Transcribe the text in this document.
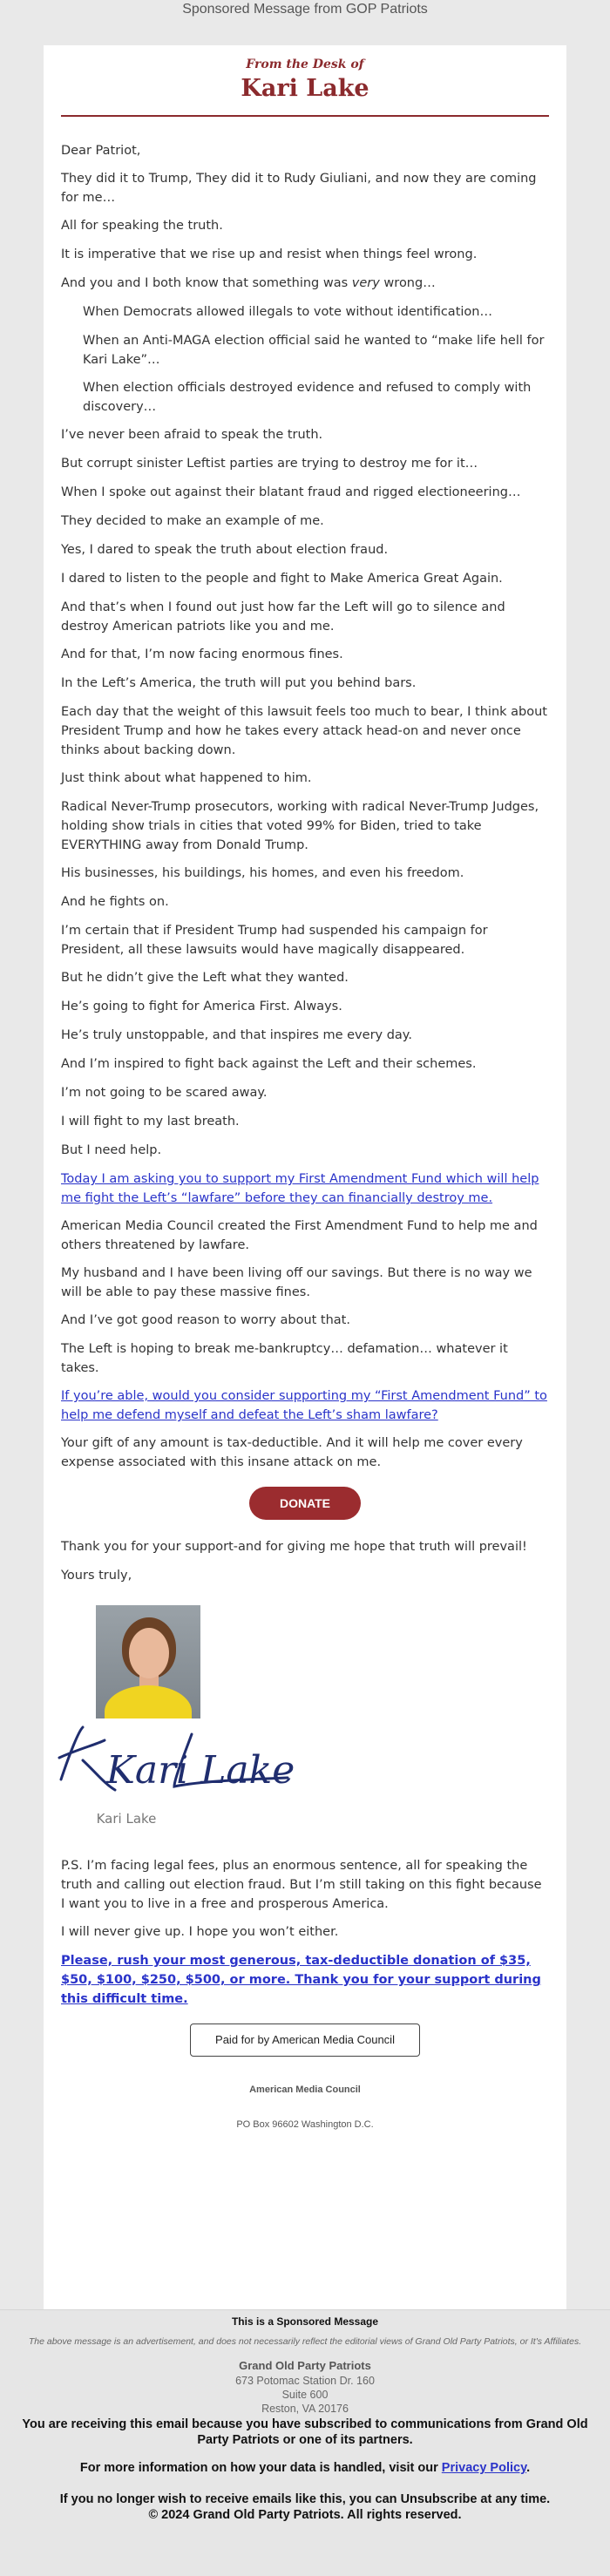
Sponsored Message from GOP Patriots
From the Desk of
Kari Lake
Dear Patriot,
They did it to Trump, They did it to Rudy Giuliani, and now they are coming for me…
All for speaking the truth.
It is imperative that we rise up and resist when things feel wrong.
And you and I both know that something was very wrong…
When Democrats allowed illegals to vote without identification…
When an Anti-MAGA election official said he wanted to “make life hell for Kari Lake”…
When election officials destroyed evidence and refused to comply with discovery…
I’ve never been afraid to speak the truth.
But corrupt sinister Leftist parties are trying to destroy me for it…
When I spoke out against their blatant fraud and rigged electioneering…
They decided to make an example of me.
Yes, I dared to speak the truth about election fraud.
I dared to listen to the people and fight to Make America Great Again.
And that’s when I found out just how far the Left will go to silence and destroy American patriots like you and me.
And for that, I’m now facing enormous fines.
In the Left’s America, the truth will put you behind bars.
Each day that the weight of this lawsuit feels too much to bear, I think about President Trump and how he takes every attack head-on and never once thinks about backing down.
Just think about what happened to him.
Radical Never-Trump prosecutors, working with radical Never-Trump Judges, holding show trials in cities that voted 99% for Biden, tried to take EVERYTHING away from Donald Trump.
His businesses, his buildings, his homes, and even his freedom.
And he fights on.
I’m certain that if President Trump had suspended his campaign for President, all these lawsuits would have magically disappeared.
But he didn’t give the Left what they wanted.
He’s going to fight for America First. Always.
He’s truly unstoppable, and that inspires me every day.
And I’m inspired to fight back against the Left and their schemes.
I’m not going to be scared away.
I will fight to my last breath.
But I need help.
Today I am asking you to support my First Amendment Fund which will help me fight the Left’s “lawfare” before they can financially destroy me.
American Media Council created the First Amendment Fund to help me and others threatened by lawfare.
My husband and I have been living off our savings. But there is no way we will be able to pay these massive fines.
And I’ve got good reason to worry about that.
The Left is hoping to break me-bankruptcy… defamation… whatever it takes.
If you’re able, would you consider supporting my “First Amendment Fund” to help me defend myself and defeat the Left’s sham lawfare?
Your gift of any amount is tax-deductible. And it will help me cover every expense associated with this insane attack on me.
DONATE
Thank you for your support-and for giving me hope that truth will prevail!
Yours truly,
Kari Lake
Kari Lake
P.S. I’m facing legal fees, plus an enormous sentence, all for speaking the truth and calling out election fraud. But I’m still taking on this fight because I want you to live in a free and prosperous America.
I will never give up. I hope you won’t either.
Please, rush your most generous, tax-deductible donation of $35, $50, $100, $250, $500, or more. Thank you for your support during this difficult time.
Paid for by American Media Council
American Media Council
PO Box 96602 Washington D.C.
This is a Sponsored Message
The above message is an advertisement, and does not necessarily reflect the editorial views of Grand Old Party Patriots, or It's Affiliates.
Grand Old Party Patriots
673 Potomac Station Dr. 160
Suite 600
Reston, VA 20176
You are receiving this email because you have subscribed to communications from Grand Old Party Patriots or one of its partners.
For more information on how your data is handled, visit our Privacy Policy.
If you no longer wish to receive emails like this, you can Unsubscribe at any time.
© 2024 Grand Old Party Patriots. All rights reserved.
